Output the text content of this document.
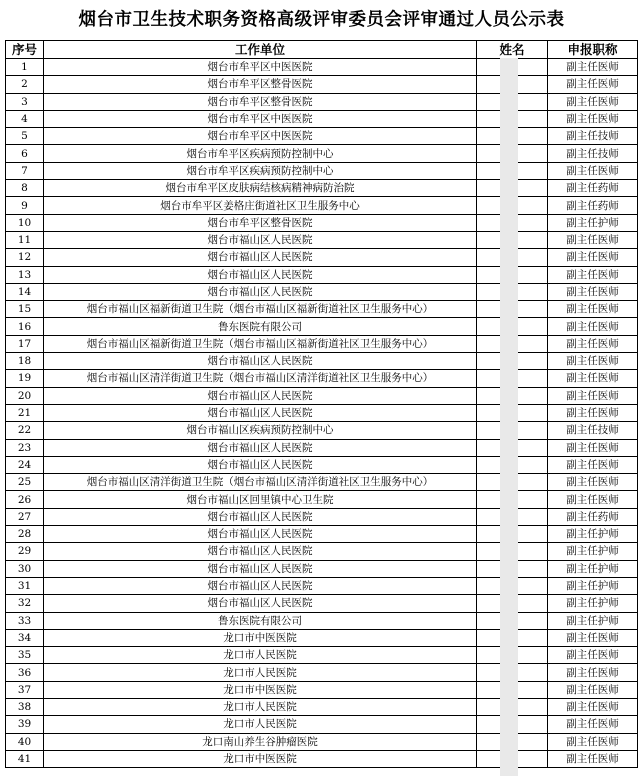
烟台市卫生技术职务资格高级评审委员会评审通过人员公示表
序号	工作单位	姓名	申报职称
1	烟台市牟平区中医医院		副主任医师
2	烟台市牟平区整骨医院		副主任医师
3	烟台市牟平区整骨医院		副主任医师
4	烟台市牟平区中医医院		副主任医师
5	烟台市牟平区中医医院		副主任技师
6	烟台市牟平区疾病预防控制中心		副主任技师
7	烟台市牟平区疾病预防控制中心		副主任医师
8	烟台市牟平区皮肤病结核病精神病防治院		副主任药师
9	烟台市牟平区姜格庄街道社区卫生服务中心		副主任药师
10	烟台市牟平区整骨医院		副主任护师
11	烟台市福山区人民医院		副主任医师
12	烟台市福山区人民医院		副主任医师
13	烟台市福山区人民医院		副主任医师
14	烟台市福山区人民医院		副主任医师
15	烟台市福山区福新街道卫生院（烟台市福山区福新街道社区卫生服务中心）		副主任医师
16	鲁东医院有限公司		副主任医师
17	烟台市福山区福新街道卫生院（烟台市福山区福新街道社区卫生服务中心）		副主任医师
18	烟台市福山区人民医院		副主任医师
19	烟台市福山区清洋街道卫生院（烟台市福山区清洋街道社区卫生服务中心）		副主任医师
20	烟台市福山区人民医院		副主任医师
21	烟台市福山区人民医院		副主任医师
22	烟台市福山区疾病预防控制中心		副主任技师
23	烟台市福山区人民医院		副主任医师
24	烟台市福山区人民医院		副主任医师
25	烟台市福山区清洋街道卫生院（烟台市福山区清洋街道社区卫生服务中心）		副主任医师
26	烟台市福山区回里镇中心卫生院		副主任医师
27	烟台市福山区人民医院		副主任药师
28	烟台市福山区人民医院		副主任护师
29	烟台市福山区人民医院		副主任护师
30	烟台市福山区人民医院		副主任护师
31	烟台市福山区人民医院		副主任护师
32	烟台市福山区人民医院		副主任护师
33	鲁东医院有限公司		副主任护师
34	龙口市中医医院		副主任医师
35	龙口市人民医院		副主任医师
36	龙口市人民医院		副主任医师
37	龙口市中医医院		副主任医师
38	龙口市人民医院		副主任医师
39	龙口市人民医院		副主任医师
40	龙口南山养生谷肿瘤医院		副主任医师
41	龙口市中医医院		副主任医师
